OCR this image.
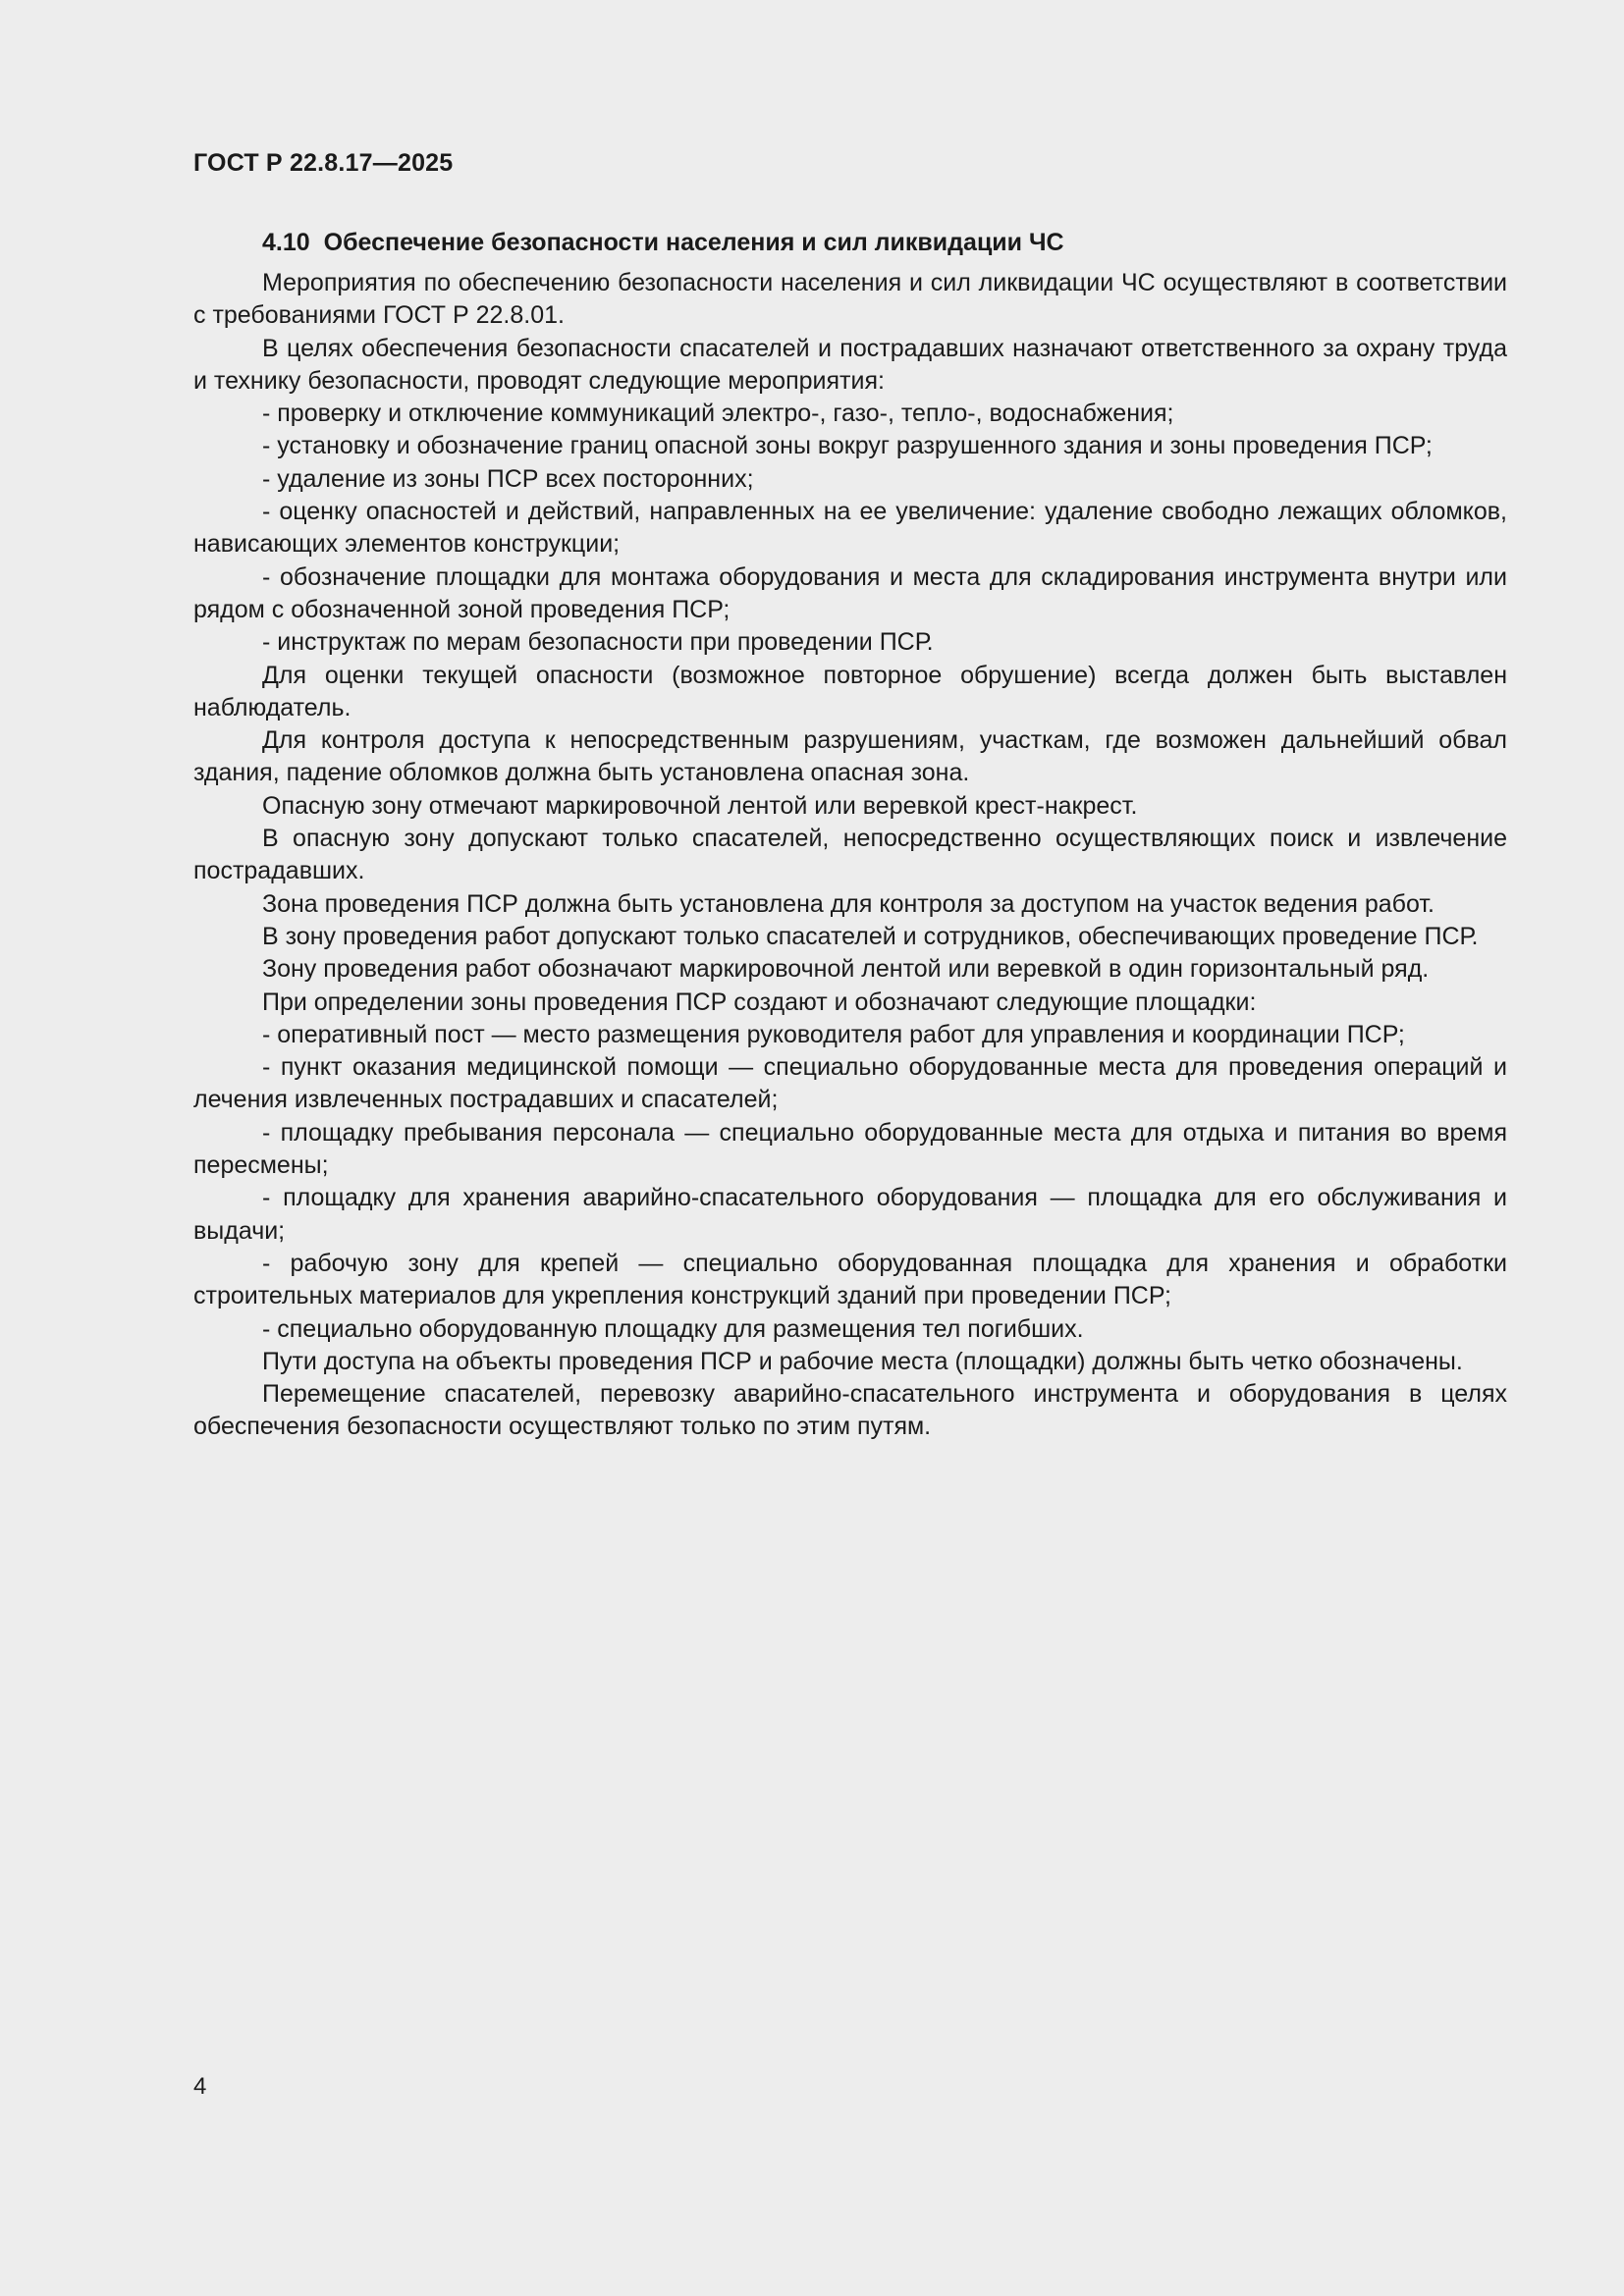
ГОСТ Р 22.8.17—2025

4.10 Обеспечение безопасности населения и сил ликвидации ЧС

Мероприятия по обеспечению безопасности населения и сил ликвидации ЧС осуществляют в соответствии с требованиями ГОСТ Р 22.8.01.

В целях обеспечения безопасности спасателей и пострадавших назначают ответственного за охрану труда и технику безопасности, проводят следующие мероприятия:

- проверку и отключение коммуникаций электро-, газо-, тепло-, водоснабжения;

- установку и обозначение границ опасной зоны вокруг разрушенного здания и зоны проведения ПСР;

- удаление из зоны ПСР всех посторонних;

- оценку опасностей и действий, направленных на ее увеличение: удаление свободно лежащих обломков, нависающих элементов конструкции;

- обозначение площадки для монтажа оборудования и места для складирования инструмента внутри или рядом с обозначенной зоной проведения ПСР;

- инструктаж по мерам безопасности при проведении ПСР.

Для оценки текущей опасности (возможное повторное обрушение) всегда должен быть выставлен наблюдатель.

Для контроля доступа к непосредственным разрушениям, участкам, где возможен дальнейший обвал здания, падение обломков должна быть установлена опасная зона.

Опасную зону отмечают маркировочной лентой или веревкой крест-накрест.

В опасную зону допускают только спасателей, непосредственно осуществляющих поиск и извлечение пострадавших.

Зона проведения ПСР должна быть установлена для контроля за доступом на участок ведения работ.

В зону проведения работ допускают только спасателей и сотрудников, обеспечивающих проведение ПСР.

Зону проведения работ обозначают маркировочной лентой или веревкой в один горизонтальный ряд.

При определении зоны проведения ПСР создают и обозначают следующие площадки:

- оперативный пост — место размещения руководителя работ для управления и координации ПСР;

- пункт оказания медицинской помощи — специально оборудованные места для проведения операций и лечения извлеченных пострадавших и спасателей;

- площадку пребывания персонала — специально оборудованные места для отдыха и питания во время пересмены;

- площадку для хранения аварийно-спасательного оборудования — площадка для его обслуживания и выдачи;

- рабочую зону для крепей — специально оборудованная площадка для хранения и обработки строительных материалов для укрепления конструкций зданий при проведении ПСР;

- специально оборудованную площадку для размещения тел погибших.

Пути доступа на объекты проведения ПСР и рабочие места (площадки) должны быть четко обозначены.

Перемещение спасателей, перевозку аварийно-спасательного инструмента и оборудования в целях обеспечения безопасности осуществляют только по этим путям.

4
